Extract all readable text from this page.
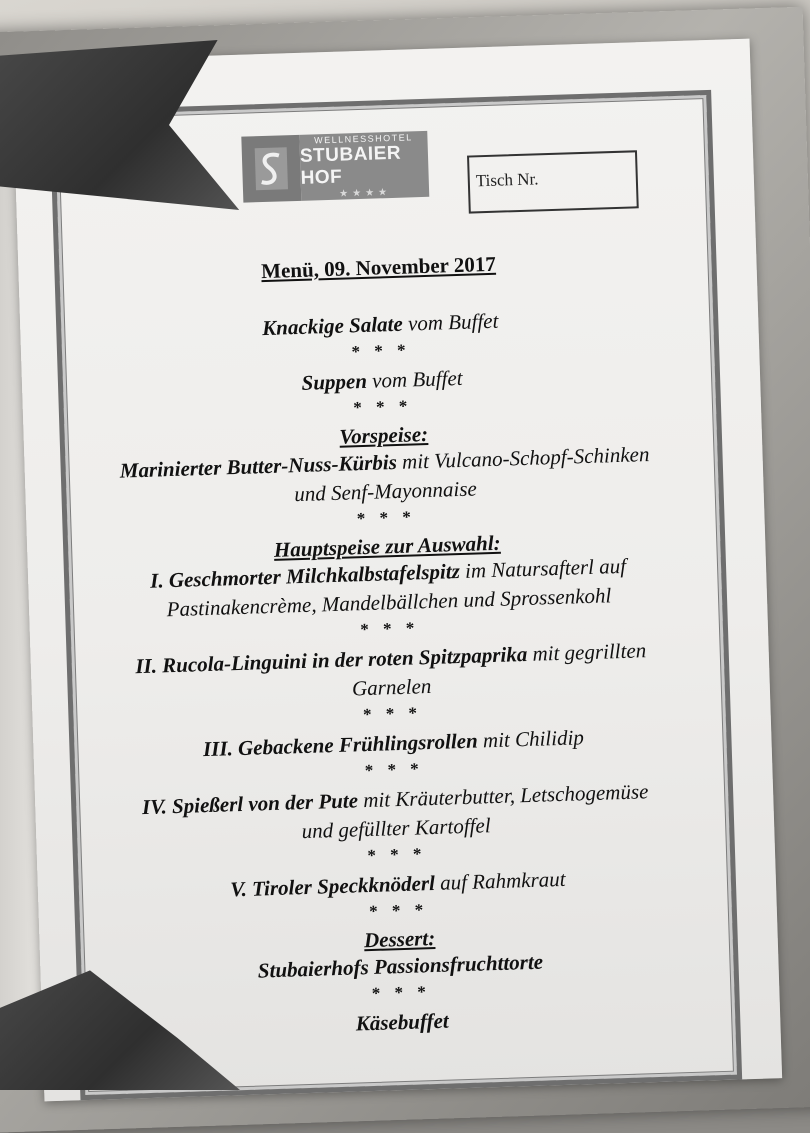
WELLNESSHOTEL
STUBAIER HOF
★★★★
Tisch Nr.
Menü, 09. November 2017
Knackige Salate vom Buffet
* * *
Suppen vom Buffet
* * *
Vorspeise:
Marinierter Butter-Nuss-Kürbis mit Vulcano-Schopf-Schinken
und Senf-Mayonnaise
* * *
Hauptspeise zur Auswahl:
I. Geschmorter Milchkalbstafelspitz im Natursafterl auf
Pastinakencrème, Mandelbällchen und Sprossenkohl
* * *
II. Rucola-Linguini in der roten Spitzpaprika mit gegrillten
Garnelen
* * *
III. Gebackene Frühlingsrollen mit Chilidip
* * *
IV. Spießerl von der Pute mit Kräuterbutter, Letschogemüse
und gefüllter Kartoffel
* * *
V. Tiroler Speckknöderl auf Rahmkraut
* * *
Dessert:
Stubaierhofs Passionsfruchttorte
* * *
Käsebuffet
